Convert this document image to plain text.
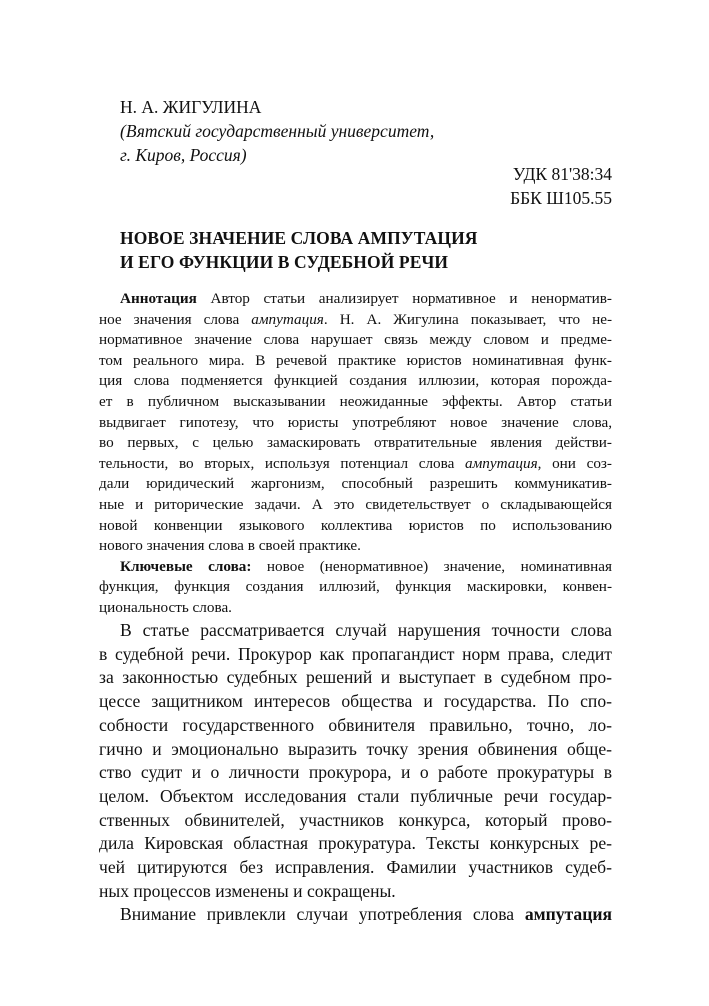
Н. А. ЖИГУЛИНА
(Вятский государственный университет,
г. Киров, Россия)
УДК 81'38:34
ББК Ш105.55
НОВОЕ ЗНАЧЕНИЕ СЛОВА АМПУТАЦИЯ
И ЕГО ФУНКЦИИ В СУДЕБНОЙ РЕЧИ
Аннотация Автор статьи анализирует нормативное и ненорматив-
ное значения слова ампутация. Н. А. Жигулина показывает, что не-
нормативное значение слова нарушает связь между словом и предме-
том реального мира. В речевой практике юристов номинативная функ-
ция слова подменяется функцией создания иллюзии, которая порожда-
ет в публичном высказывании неожиданные эффекты. Автор статьи
выдвигает гипотезу, что юристы употребляют новое значение слова,
во первых, с целью замаскировать отвратительные явления действи-
тельности, во вторых, используя потенциал слова ампутация, они соз-
дали юридический жаргонизм, способный разрешить коммуникатив-
ные и риторические задачи. А это свидетельствует о складывающейся
новой конвенции языкового коллектива юристов по использованию
нового значения слова в своей практике.
Ключевые слова: новое (ненормативное) значение, номинативная
функция, функция создания иллюзий, функция маскировки, конвен-
циональность слова.
В статье рассматривается случай нарушения точности слова
в судебной речи. Прокурор как пропагандист норм права, следит
за законностью судебных решений и выступает в судебном про-
цессе защитником интересов общества и государства. По спо-
собности государственного обвинителя правильно, точно, ло-
гично и эмоционально выразить точку зрения обвинения обще-
ство судит и о личности прокурора, и о работе прокуратуры в
целом. Объектом исследования стали публичные речи государ-
ственных обвинителей, участников конкурса, который прово-
дила Кировская областная прокуратура. Тексты конкурсных ре-
чей цитируются без исправления. Фамилии участников судеб-
ных процессов изменены и сокращены.
Внимание привлекли случаи употребления слова ампутация
